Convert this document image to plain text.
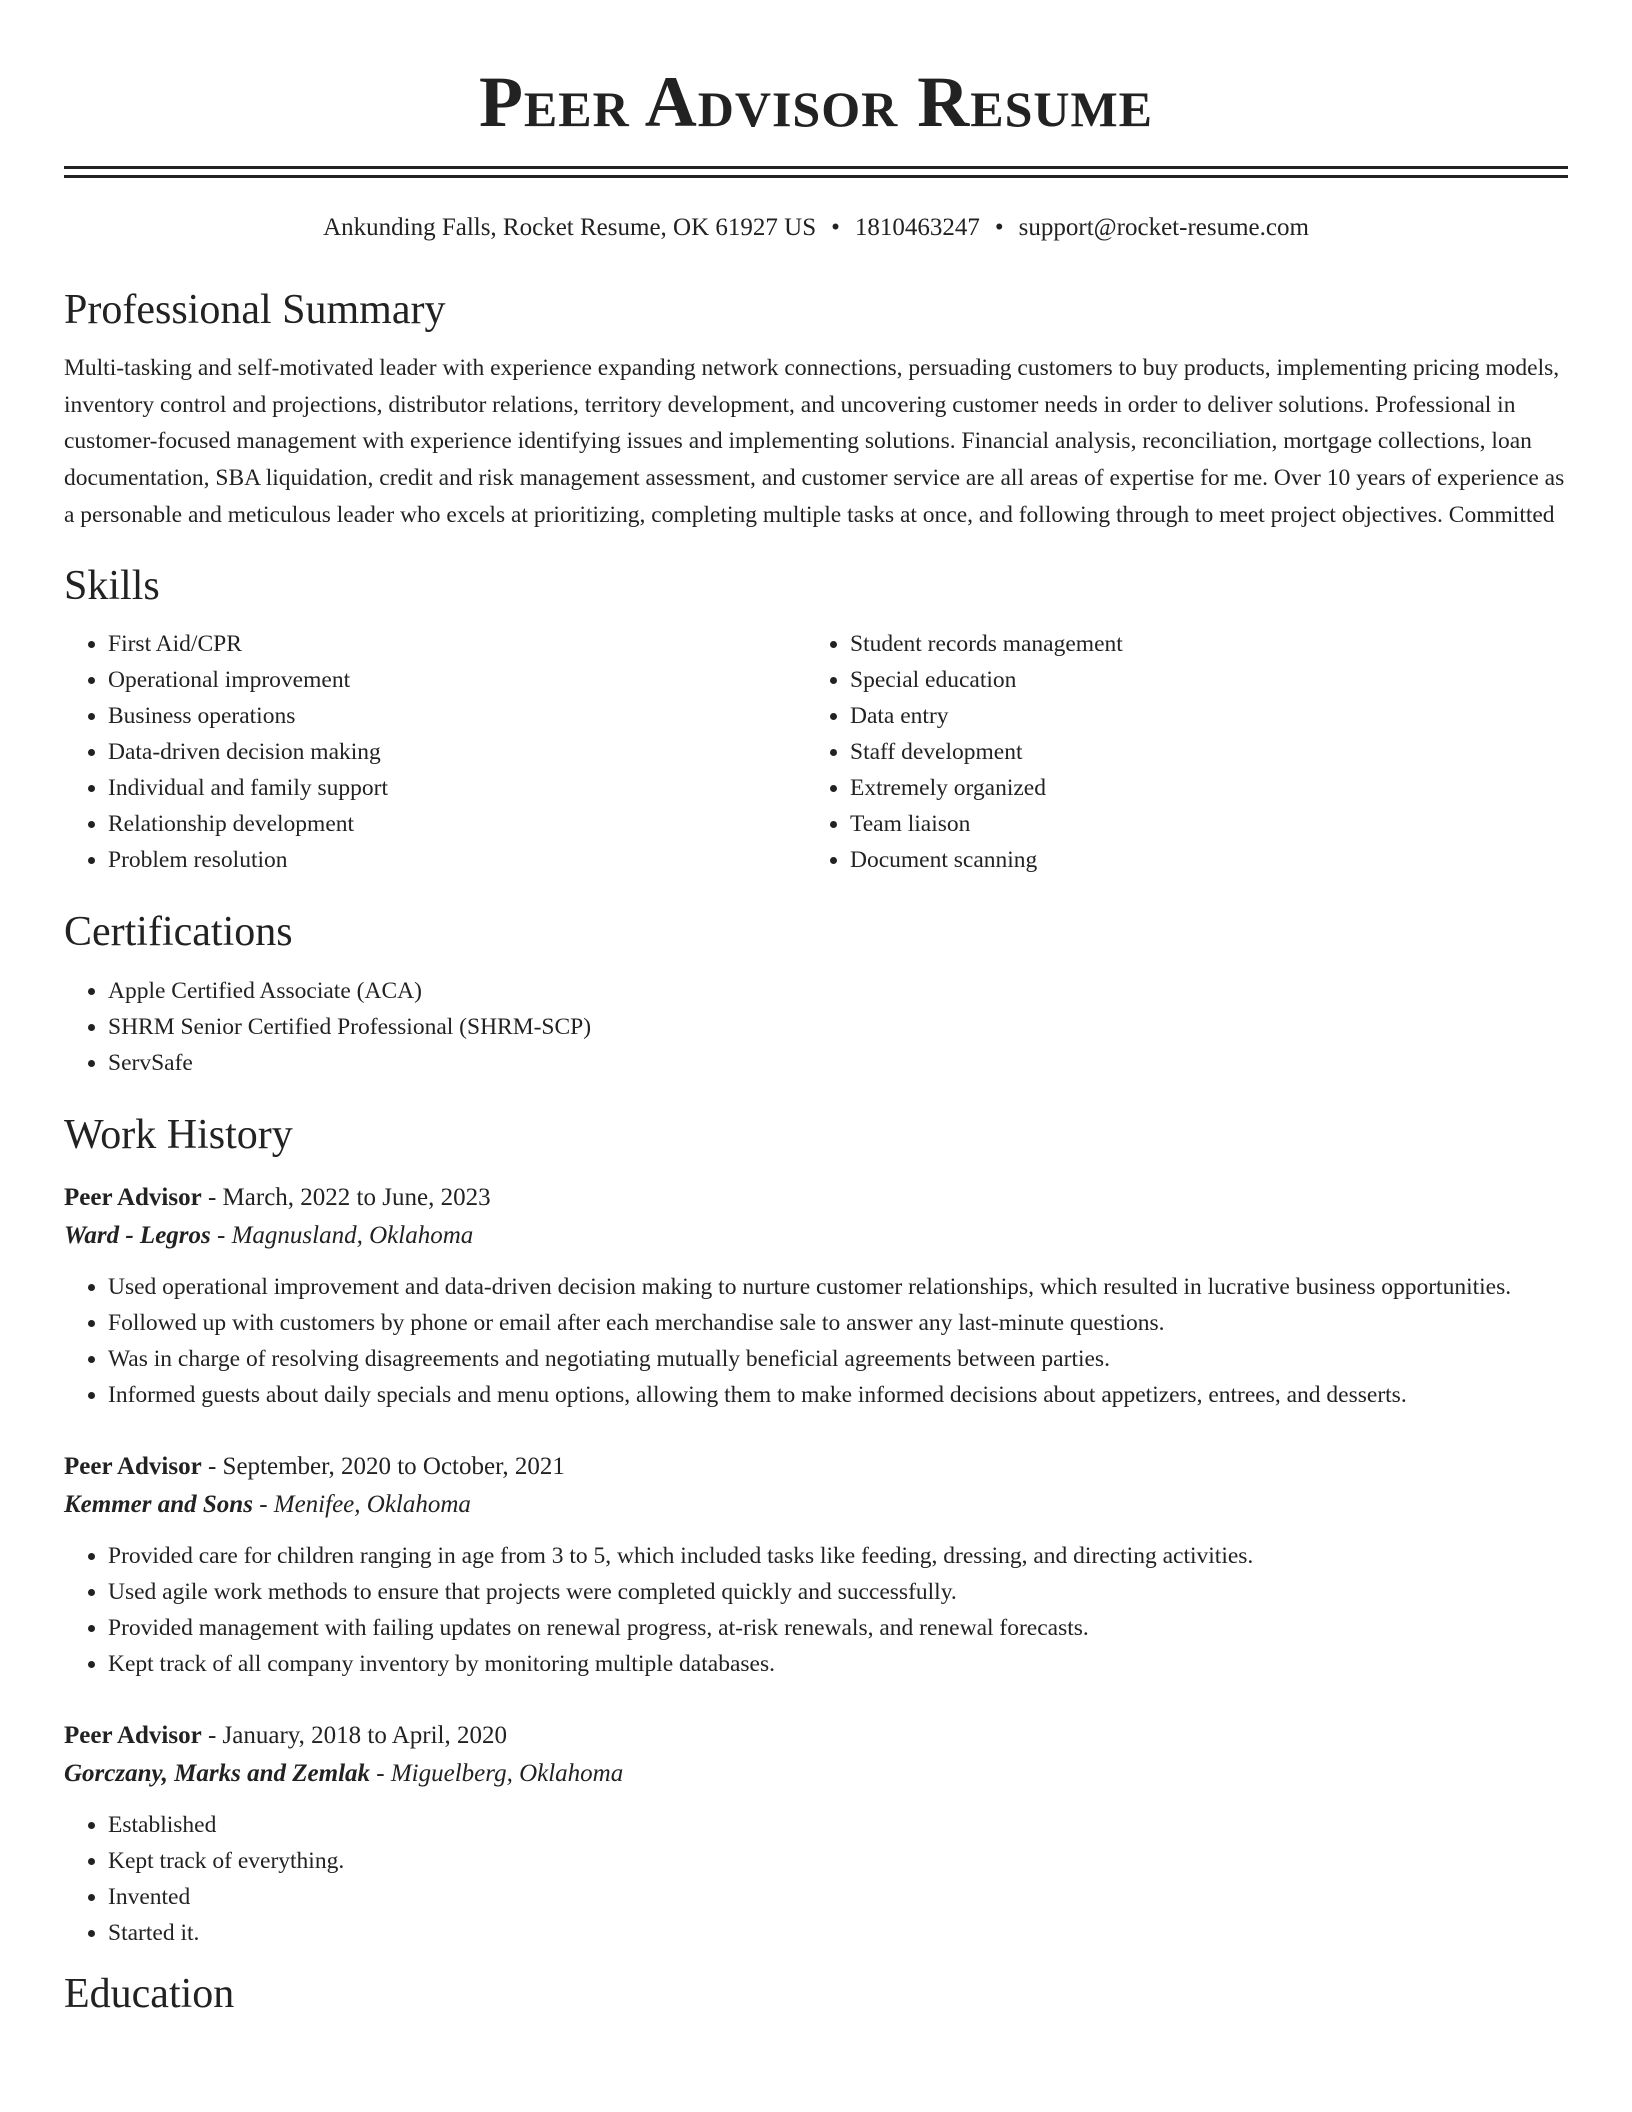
Peer Advisor Resume
Ankunding Falls, Rocket Resume, OK 61927 US • 1810463247 • support@rocket-resume.com
Professional Summary
Multi-tasking and self-motivated leader with experience expanding network connections, persuading customers to buy products, implementing pricing models, inventory control and projections, distributor relations, territory development, and uncovering customer needs in order to deliver solutions. Professional in customer-focused management with experience identifying issues and implementing solutions. Financial analysis, reconciliation, mortgage collections, loan documentation, SBA liquidation, credit and risk management assessment, and customer service are all areas of expertise for me. Over 10 years of experience as a personable and meticulous leader who excels at prioritizing, completing multiple tasks at once, and following through to meet project objectives. Committed
Skills
• First Aid/CPR
• Operational improvement
• Business operations
• Data-driven decision making
• Individual and family support
• Relationship development
• Problem resolution
• Student records management
• Special education
• Data entry
• Staff development
• Extremely organized
• Team liaison
• Document scanning
Certifications
• Apple Certified Associate (ACA)
• SHRM Senior Certified Professional (SHRM-SCP)
• ServSafe
Work History
Peer Advisor - March, 2022 to June, 2023
Ward - Legros - Magnusland, Oklahoma
• Used operational improvement and data-driven decision making to nurture customer relationships, which resulted in lucrative business opportunities.
• Followed up with customers by phone or email after each merchandise sale to answer any last-minute questions.
• Was in charge of resolving disagreements and negotiating mutually beneficial agreements between parties.
• Informed guests about daily specials and menu options, allowing them to make informed decisions about appetizers, entrees, and desserts.
Peer Advisor - September, 2020 to October, 2021
Kemmer and Sons - Menifee, Oklahoma
• Provided care for children ranging in age from 3 to 5, which included tasks like feeding, dressing, and directing activities.
• Used agile work methods to ensure that projects were completed quickly and successfully.
• Provided management with failing updates on renewal progress, at-risk renewals, and renewal forecasts.
• Kept track of all company inventory by monitoring multiple databases.
Peer Advisor - January, 2018 to April, 2020
Gorczany, Marks and Zemlak - Miguelberg, Oklahoma
• Established
• Kept track of everything.
• Invented
• Started it.
Education
